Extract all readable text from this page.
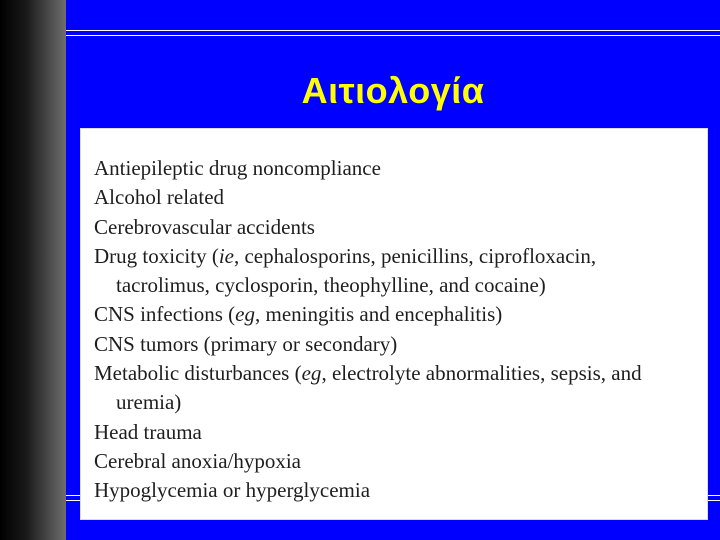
Αιτιολογία
Antiepileptic drug noncompliance
Alcohol related
Cerebrovascular accidents
Drug toxicity (ie, cephalosporins, penicillins, ciprofloxacin,
tacrolimus, cyclosporin, theophylline, and cocaine)
CNS infections (eg, meningitis and encephalitis)
CNS tumors (primary or secondary)
Metabolic disturbances (eg, electrolyte abnormalities, sepsis, and
uremia)
Head trauma
Cerebral anoxia/hypoxia
Hypoglycemia or hyperglycemia
